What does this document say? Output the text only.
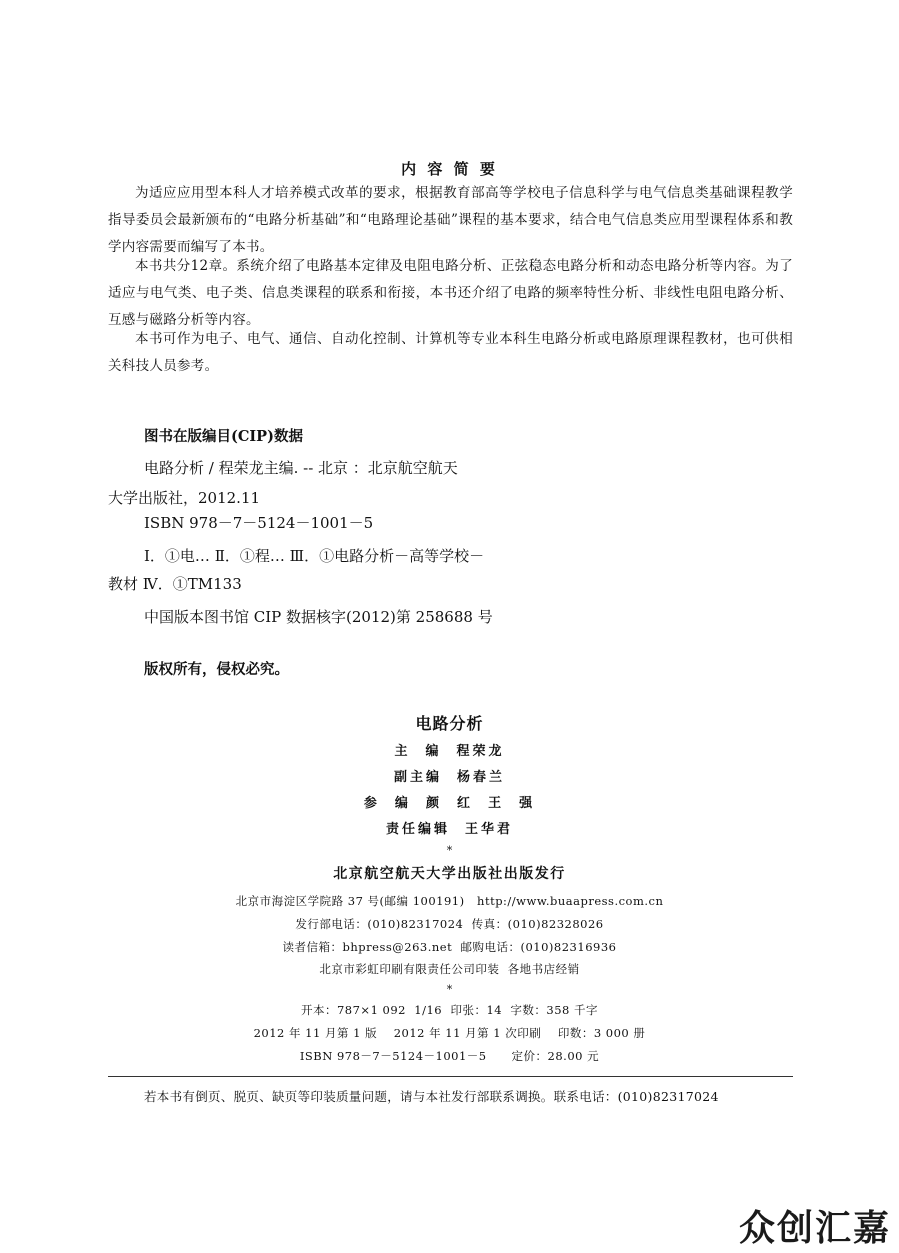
内 容 简 要

为适应应用型本科人才培养模式改革的要求，根据教育部高等学校电子信息科学与电气信息类基础课程教学指导委员会最新颁布的“电路分析基础”和“电路理论基础”课程的基本要求，结合电气信息类应用型课程体系和教学内容需要而编写了本书。

本书共分12章。系统介绍了电路基本定律及电阻电路分析、正弦稳态电路分析和动态电路分析等内容。为了适应与电气类、电子类、信息类课程的联系和衔接，本书还介绍了电路的频率特性分析、非线性电阻电路分析、互感与磁路分析等内容。

本书可作为电子、电气、通信、自动化控制、计算机等专业本科生电路分析或电路原理课程教材，也可供相关科技人员参考。

图书在版编目(CIP)数据
电路分析 / 程荣龙主编. -- 北京 ：北京航空航天
大学出版社，2012.11
ISBN 978－7－5124－1001－5
Ⅰ．①电… Ⅱ．①程… Ⅲ．①电路分析－高等学校－
教材 Ⅳ．①TM133
中国版本图书馆 CIP 数据核字(2012)第 258688 号
版权所有，侵权必究。
电路分析
主  编  程荣龙
副主编  杨春兰
参  编  颜  红  王  强
责任编辑  王华君
*
北京航空航天大学出版社出版发行
北京市海淀区学院路 37 号(邮编 100191)   http://www.buaapress.com.cn
发行部电话：(010)82317024  传真：(010)82328026
读者信箱：bhpress@263.net  邮购电话：(010)82316936
北京市彩虹印刷有限责任公司印装  各地书店经销
*
开本：787×1 092  1/16  印张：14  字数：358 千字
2012 年 11 月第 1 版    2012 年 11 月第 1 次印刷    印数：3 000 册
ISBN 978－7－5124－1001－5      定价：28.00 元
若本书有倒页、脱页、缺页等印装质量问题，请与本社发行部联系调换。联系电话：(010)82317024
众创汇嘉
